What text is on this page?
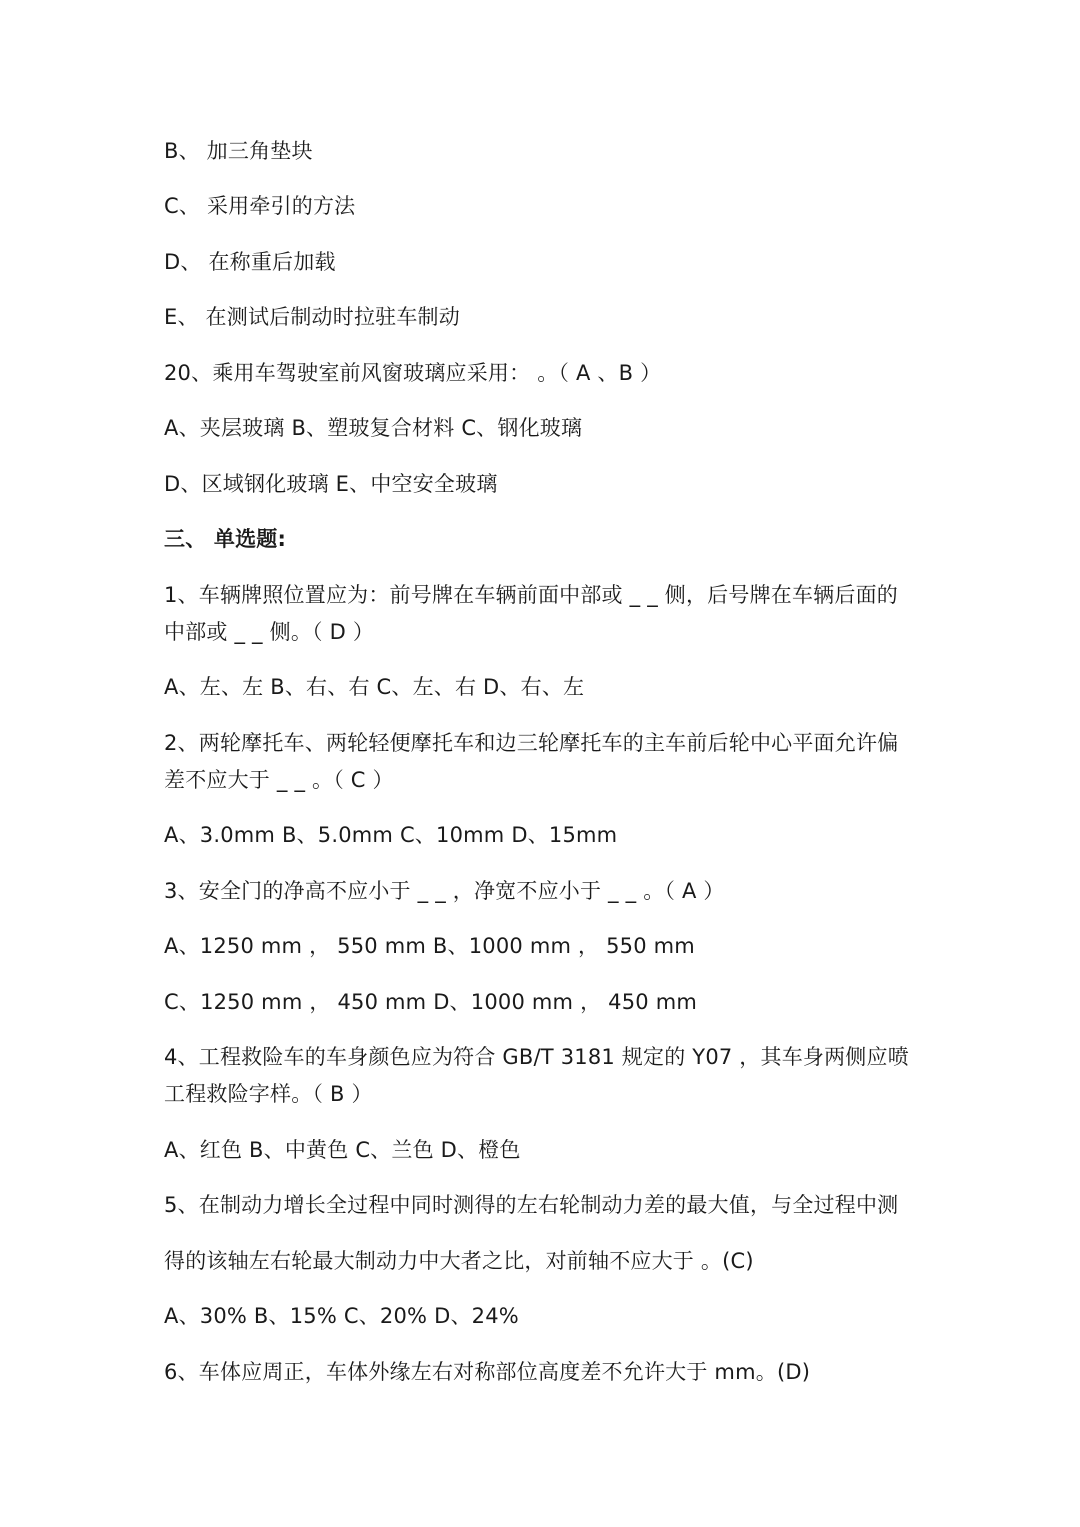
B、 加三角垫块
C、 采用牵引的方法
D、 在称重后加载
E、 在测试后制动时拉驻车制动
20、乘用车驾驶室前风窗玻璃应采用： 。（ A 、B ）
A、夹层玻璃 B、塑玻复合材料 C、钢化玻璃
D、区域钢化玻璃 E、中空安全玻璃
三、 单选题:
1、车辆牌照位置应为：前号牌在车辆前面中部或 _ _ 侧，后号牌在车辆后面的
中部或 _ _ 侧。（ D ）
A、左、左 B、右、右 C、左、右 D、右、左
2、两轮摩托车、两轮轻便摩托车和边三轮摩托车的主车前后轮中心平面允许偏
差不应大于 _ _ 。（ C ）
A、3.0mm B、5.0mm C、10mm D、15mm
3、安全门的净高不应小于 _ _ ，净宽不应小于 _ _ 。（ A ）
A、1250 mm ， 550 mm B、1000 mm ， 550 mm
C、1250 mm ， 450 mm D、1000 mm ， 450 mm
4、工程救险车的车身颜色应为符合 GB/T 3181 规定的 Y07 ，其车身两侧应喷
工程救险字样。（ B ）
A、红色 B、中黄色 C、兰色 D、橙色
5、在制动力增长全过程中同时测得的左右轮制动力差的最大值，与全过程中测
得的该轴左右轮最大制动力中大者之比，对前轴不应大于 。(C)
A、30% B、15% C、20% D、24%
6、车体应周正，车体外缘左右对称部位高度差不允许大于 mm。(D)
